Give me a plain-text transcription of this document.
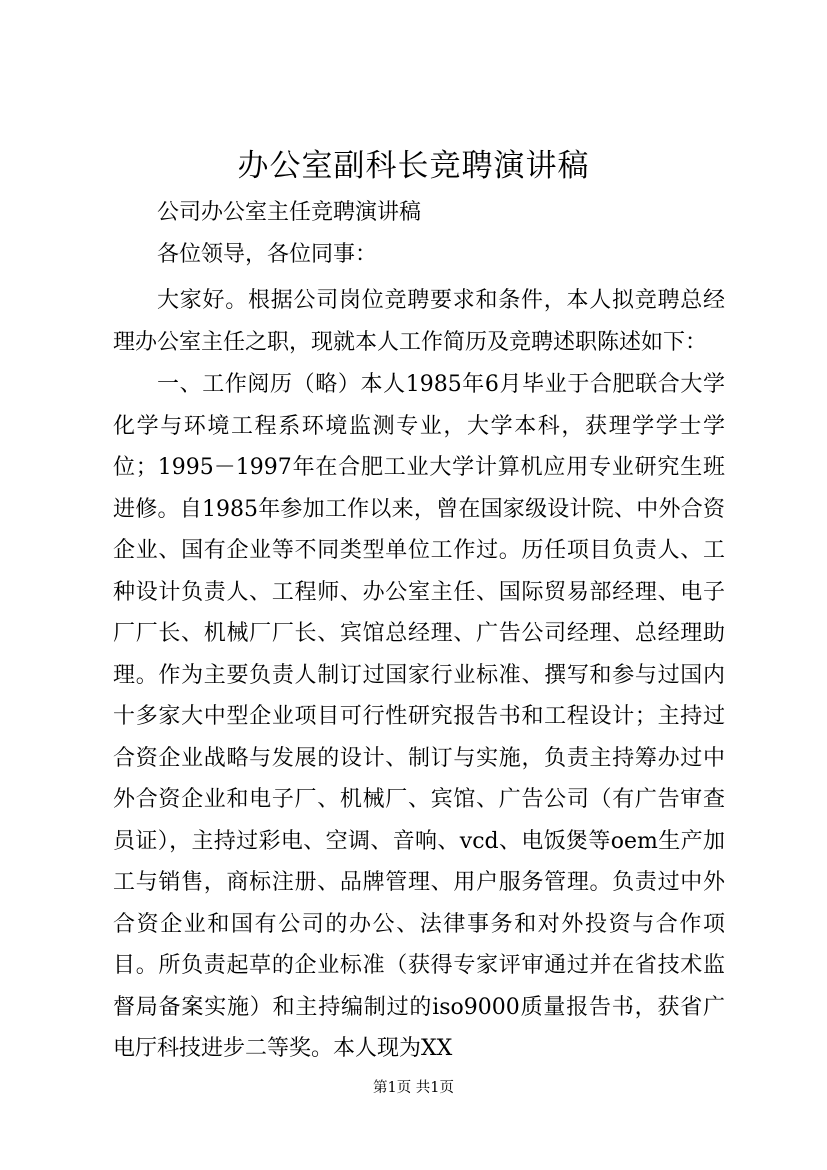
办公室副科长竞聘演讲稿
公司办公室主任竞聘演讲稿
各位领导，各位同事：
大家好。根据公司岗位竞聘要求和条件，本人拟竞聘总经理办公室主任之职，现就本人工作简历及竞聘述职陈述如下：
一、工作阅历（略）本人1985年6月毕业于合肥联合大学化学与环境工程系环境监测专业，大学本科，获理学学士学位；1995－1997年在合肥工业大学计算机应用专业研究生班进修。自1985年参加工作以来，曾在国家级设计院、中外合资企业、国有企业等不同类型单位工作过。历任项目负责人、工种设计负责人、工程师、办公室主任、国际贸易部经理、电子厂厂长、机械厂厂长、宾馆总经理、广告公司经理、总经理助理。作为主要负责人制订过国家行业标准、撰写和参与过国内十多家大中型企业项目可行性研究报告书和工程设计；主持过合资企业战略与发展的设计、制订与实施，负责主持筹办过中外合资企业和电子厂、机械厂、宾馆、广告公司（有广告审查员证），主持过彩电、空调、音响、vcd、电饭煲等oem生产加工与销售，商标注册、品牌管理、用户服务管理。负责过中外合资企业和国有公司的办公、法律事务和对外投资与合作项目。所负责起草的企业标准（获得专家评审通过并在省技术监督局备案实施）和主持编制过的iso9000质量报告书，获省广电厅科技进步二等奖。本人现为XX
第1页 共1页
